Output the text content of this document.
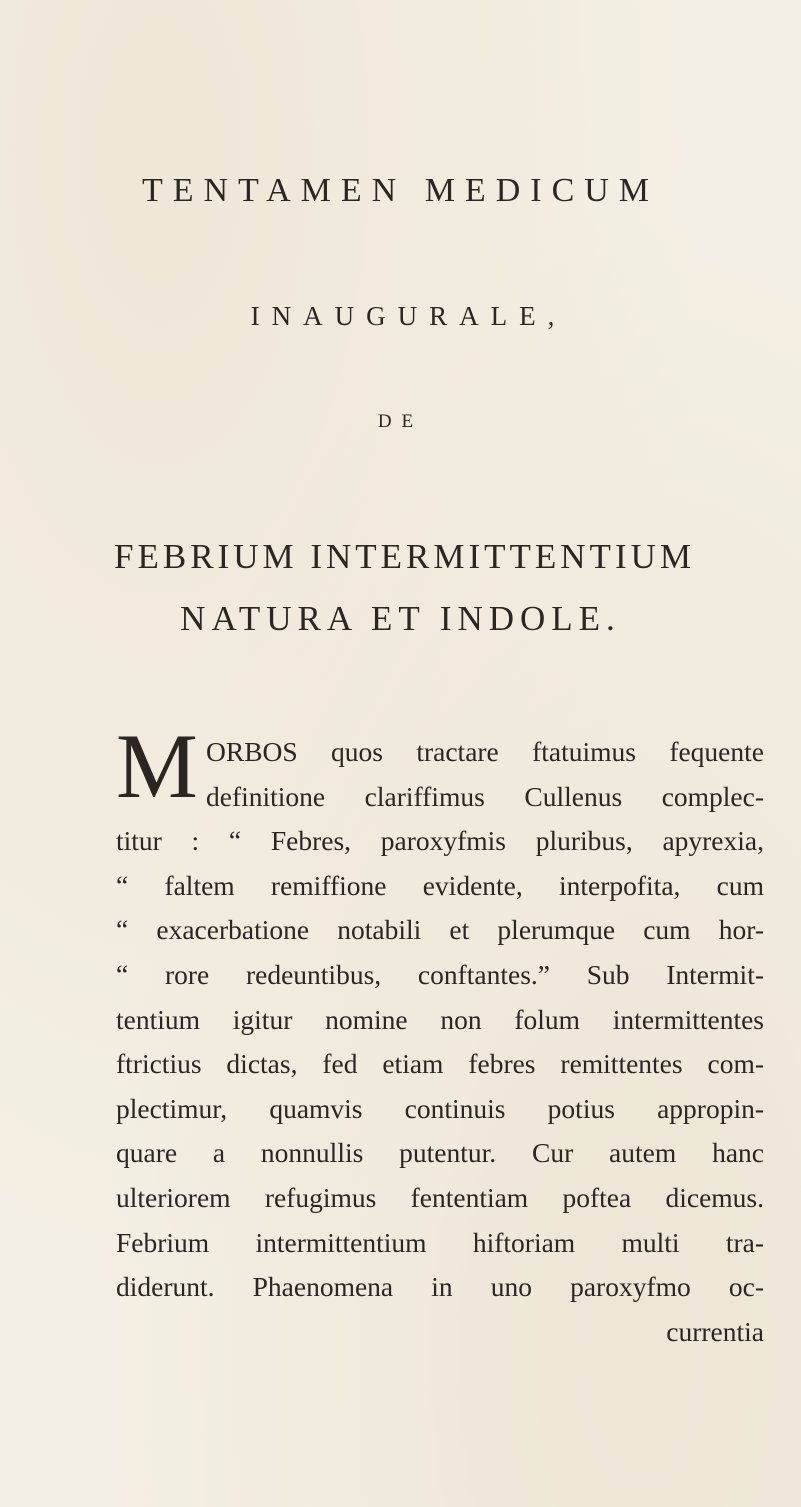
TENTAMEN MEDICUM
INAUGURALE,
DE
FEBRIUM INTERMITTENTIUM
NATURA ET INDOLE.
M ORBOS quos tractare ftatuimus fequente
definitione clariffimus Cullenus complec-
titur : “ Febres, paroxyfmis pluribus, apyrexia,
“ faltem remiffione evidente, interpofita, cum
“ exacerbatione notabili et plerumque cum hor-
“ rore redeuntibus, conftantes.” Sub Intermit-
tentium igitur nomine non folum intermittentes
ftrictius dictas, fed etiam febres remittentes com-
plectimur, quamvis continuis potius appropin-
quare a nonnullis putentur. Cur autem hanc
ulteriorem refugimus fententiam poftea dicemus.
Febrium intermittentium hiftoriam multi tra-
diderunt. Phaenomena in uno paroxyfmo oc-
currentia
